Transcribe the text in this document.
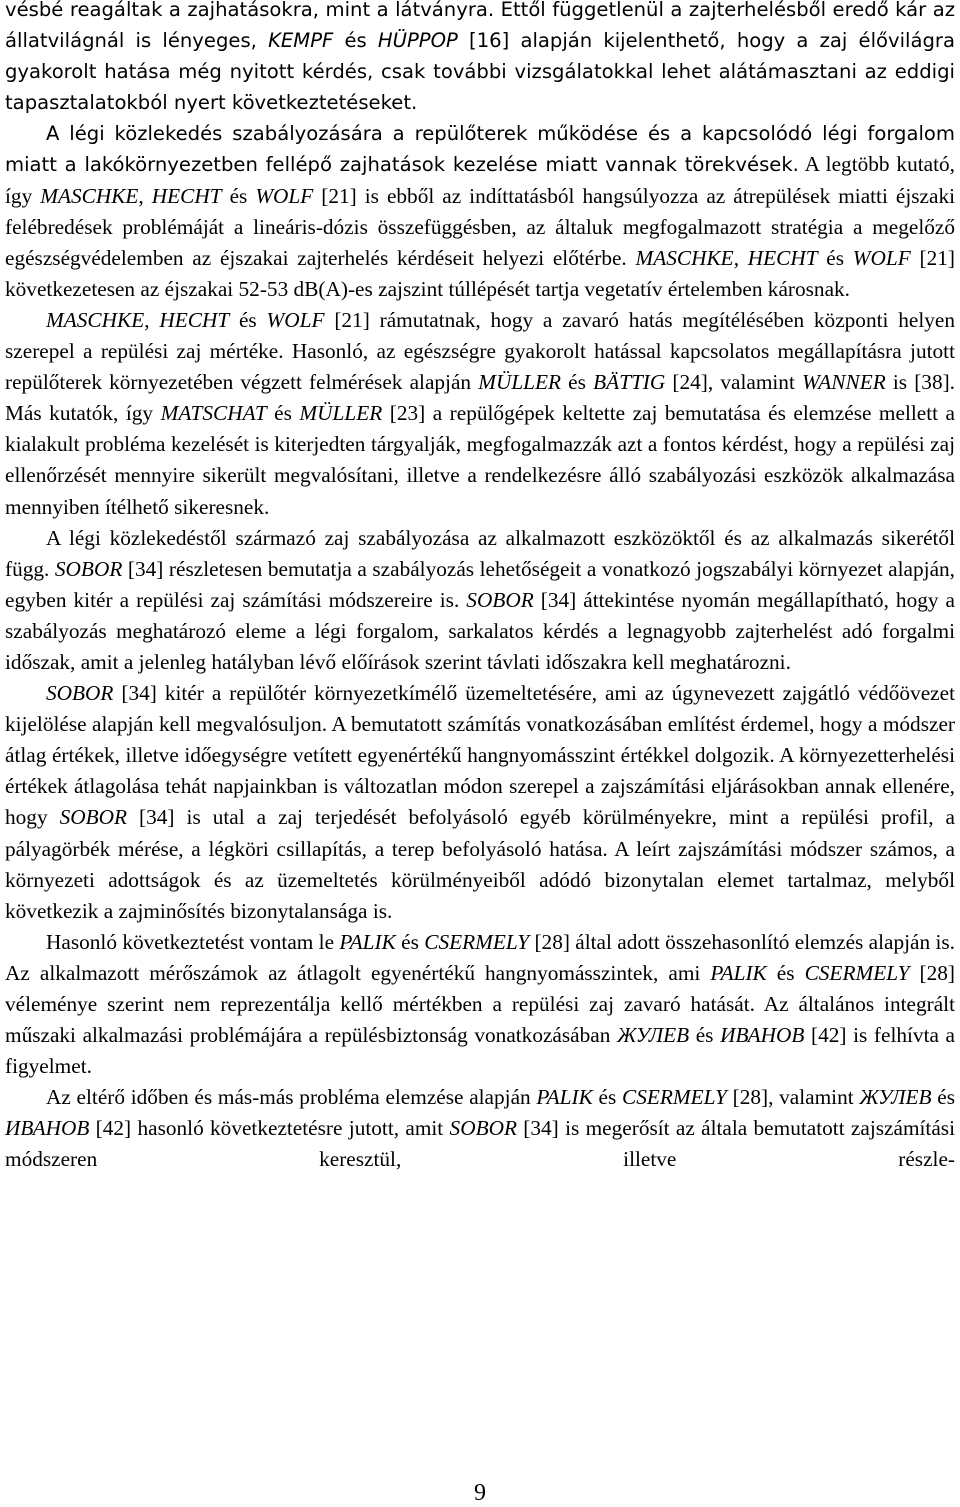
vésbé reagáltak a zajhatásokra, mint a látványra. Ettől függetlenül a zajterhelésből eredő kár az állatvilágnál is lényeges, KEMPF és HÜPPOP [16] alapján kijelenthető, hogy a zaj élővilágra gyakorolt hatása még nyitott kérdés, csak további vizsgálatokkal lehet alátámasztani az eddigi tapasztalatokból nyert következtetéseket.

A légi közlekedés szabályozására a repülőterek működése és a kapcsolódó légi forgalom miatt a lakókörnyezetben fellépő zajhatások kezelése miatt vannak törekvések. A legtöbb kutató, így MASCHKE, HECHT és WOLF [21] is ebből az indíttatásból hangsúlyozza az átrepülések miatti éjszaki felébredések problémáját a lineáris-dózis összefüggésben, az általuk megfogalmazott stratégia a megelőző egészségvédelemben az éjszakai zajterhelés kérdéseit helyezi előtérbe. MASCHKE, HECHT és WOLF [21] következetesen az éjszakai 52-53 dB(A)-es zajszint túllépését tartja vegetatív értelemben károsnak.

MASCHKE, HECHT és WOLF [21] rámutatnak, hogy a zavaró hatás megítélésében központi helyen szerepel a repülési zaj mértéke. Hasonló, az egészségre gyakorolt hatással kapcsolatos megállapításra jutott repülőterek környezetében végzett felmérések alapján MÜLLER és BÄTTIG [24], valamint WANNER is [38]. Más kutatók, így MATSCHAT és MÜLLER [23] a repülőgépek keltette zaj bemutatása és elemzése mellett a kialakult probléma kezelését is kiterjedten tárgyalják, megfogalmazzák azt a fontos kérdést, hogy a repülési zaj ellenőrzését mennyire sikerült megvalósítani, illetve a rendelkezésre álló szabályozási eszközök alkalmazása mennyiben ítélhető sikeresnek.

A légi közlekedéstől származó zaj szabályozása az alkalmazott eszközöktől és az alkalmazás sikerétől függ. SOBOR [34] részletesen bemutatja a szabályozás lehetőségeit a vonatkozó jogszabályi környezet alapján, egyben kitér a repülési zaj számítási módszereire is. SOBOR [34] áttekintése nyomán megállapítható, hogy a szabályozás meghatározó eleme a légi forgalom, sarkalatos kérdés a legnagyobb zajterhelést adó forgalmi időszak, amit a jelenleg hatályban lévő előírások szerint távlati időszakra kell meghatározni.

SOBOR [34] kitér a repülőtér környezetkímélő üzemeltetésére, ami az úgynevezett zajgátló védőövezet kijelölése alapján kell megvalósuljon. A bemutatott számítás vonatkozásában említést érdemel, hogy a módszer átlag értékek, illetve időegységre vetített egyenértékű hangnyomásszint értékkel dolgozik. A környezetterhelési értékek átlagolása tehát napjainkban is változatlan módon szerepel a zajszámítási eljárásokban annak ellenére, hogy SOBOR [34] is utal a zaj terjedését befolyásoló egyéb körülményekre, mint a repülési profil, a pályagörbék mérése, a légköri csillapítás, a terep befolyásoló hatása. A leírt zajszámítási módszer számos, a környezeti adottságok és az üzemeltetés körülményeiből adódó bizonytalan elemet tartalmaz, melyből következik a zajminősítés bizonytalansága is.

Hasonló következtetést vontam le PALIK és CSERMELY [28] által adott összehasonlító elemzés alapján is. Az alkalmazott mérőszámok az átlagolt egyenértékű hangnyomásszintek, ami PALIK és CSERMELY [28] véleménye szerint nem reprezentálja kellő mértékben a repülési zaj zavaró hatását. Az általános integrált műszaki alkalmazási problémájára a repülésbiztonság vonatkozásában ЖУЛЕВ és ИВАНОВ [42] is felhívta a figyelmet.

Az eltérő időben és más-más probléma elemzése alapján PALIK és CSERMELY [28], valamint ЖУЛЕВ és ИВАНОВ [42] hasonló következtetésre jutott, amit SOBOR [34] is megerősít az általa bemutatott zajszámítási módszeren keresztül, illetve részle-

9
